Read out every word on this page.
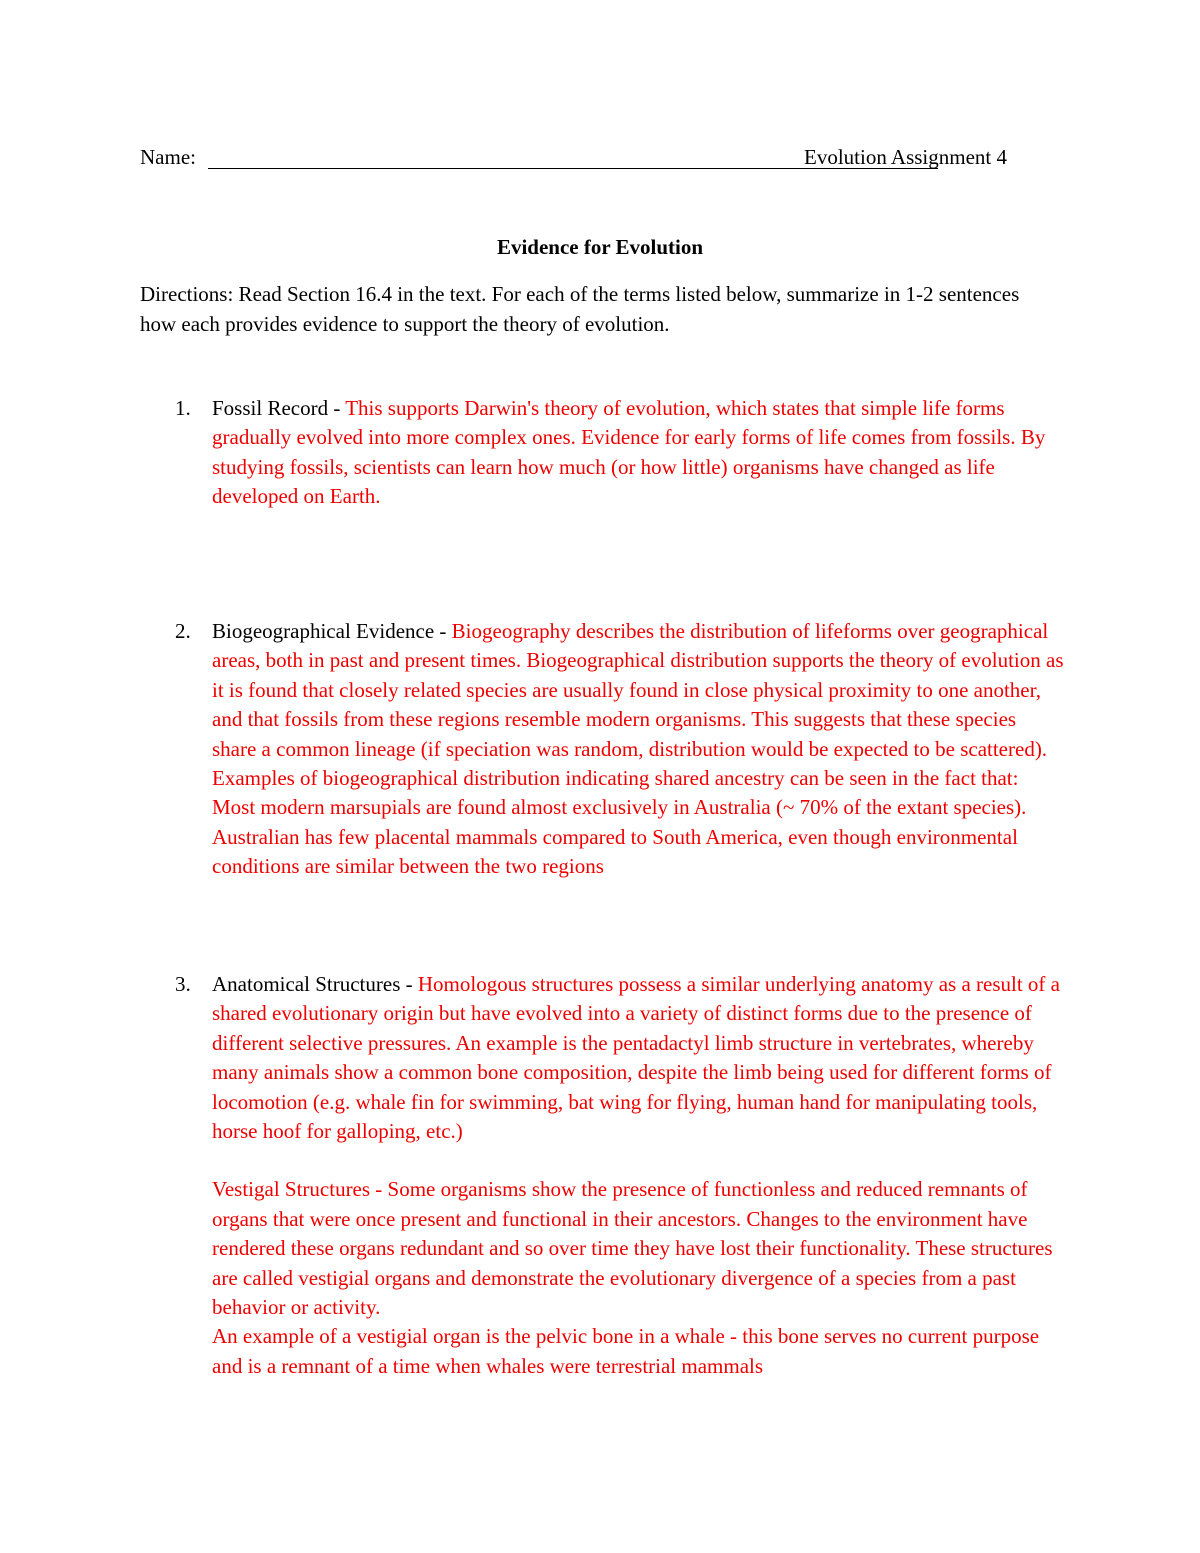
Name:	Evolution Assignment 4
Evidence for Evolution
Directions: Read Section 16.4 in the text. For each of the terms listed below, summarize in 1-2 sentences how each provides evidence to support the theory of evolution.
1.	Fossil Record - This supports Darwin's theory of evolution, which states that simple life forms gradually evolved into more complex ones. Evidence for early forms of life comes from fossils. By studying fossils, scientists can learn how much (or how little) organisms have changed as life developed on Earth.
2.	Biogeographical Evidence - Biogeography describes the distribution of lifeforms over geographical areas, both in past and present times. Biogeographical distribution supports the theory of evolution as it is found that closely related species are usually found in close physical proximity to one another, and that fossils from these regions resemble modern organisms. This suggests that these species share a common lineage (if speciation was random, distribution would be expected to be scattered). Examples of biogeographical distribution indicating shared ancestry can be seen in the fact that: Most modern marsupials are found almost exclusively in Australia (~ 70% of the extant species). Australian has few placental mammals compared to South America, even though environmental conditions are similar between the two regions
3.	Anatomical Structures - Homologous structures possess a similar underlying anatomy as a result of a shared evolutionary origin but have evolved into a variety of distinct forms due to the presence of different selective pressures. An example is the pentadactyl limb structure in vertebrates, whereby many animals show a common bone composition, despite the limb being used for different forms of locomotion (e.g. whale fin for swimming, bat wing for flying, human hand for manipulating tools, horse hoof for galloping, etc.)
Vestigal Structures - Some organisms show the presence of functionless and reduced remnants of organs that were once present and functional in their ancestors. Changes to the environment have rendered these organs redundant and so over time they have lost their functionality. These structures are called vestigial organs and demonstrate the evolutionary divergence of a species from a past behavior or activity.
An example of a vestigial organ is the pelvic bone in a whale - this bone serves no current purpose and is a remnant of a time when whales were terrestrial mammals
